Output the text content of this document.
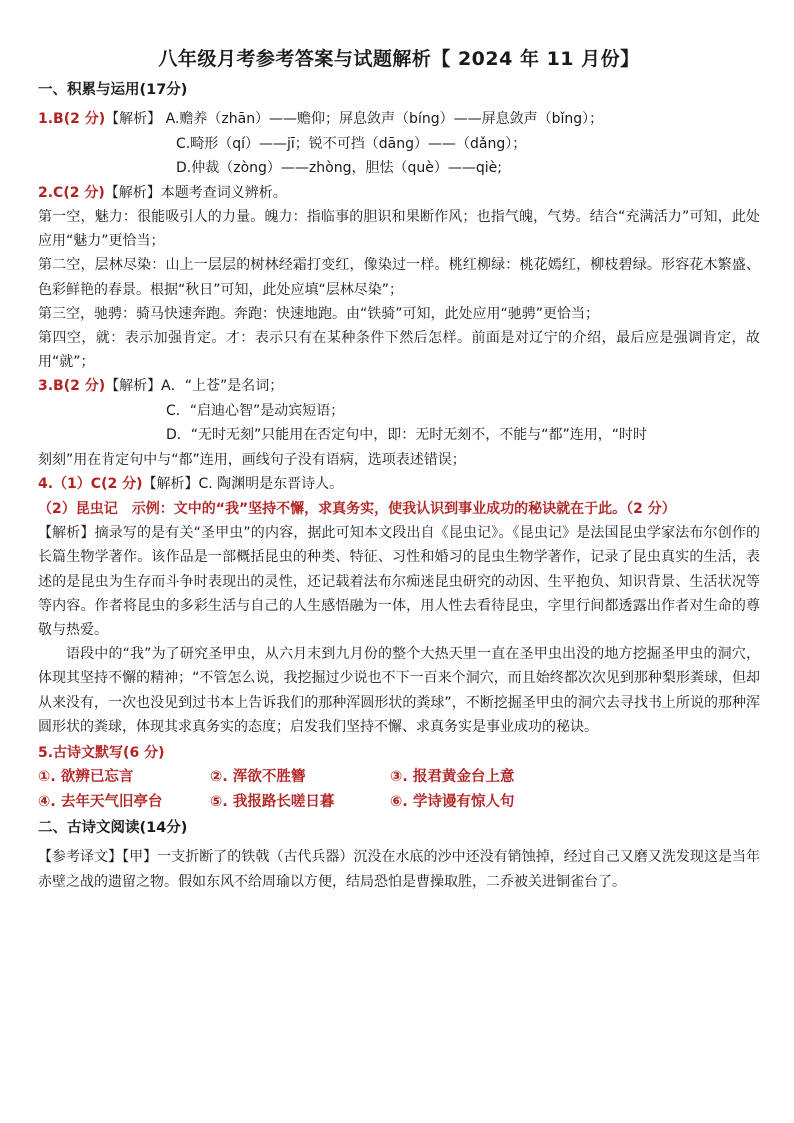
八年级月考参考答案与试题解析【 2024 年 11 月份】

一、积累与运用(17分)

1.B(2 分)【解析】 A.赡养（zhān）——赡仰；屏息敛声（bíng）——屏息敛声（bǐng）；

C.畸形（qí）——jī；锐不可挡（dāng）——（dǎng）；

D.仲裁（zòng）——zhòng，胆怯（què）——qiè;

2.C(2 分)【解析】本题考查词义辨析。

第一空，魅力：很能吸引人的力量。魄力：指临事的胆识和果断作风；也指气魄，气势。结合“充满活力”可知，此处应用“魅力”更恰当；

第二空，层林尽染：山上一层层的树林经霜打变红，像染过一样。桃红柳绿：桃花嫣红，柳枝碧绿。形容花木繁盛、色彩鲜艳的春景。根据“秋日”可知，此处应填“层林尽染”；

第三空，驰骋：骑马快速奔跑。奔跑：快速地跑。由“铁骑”可知，此处应用“驰骋”更恰当；

第四空，就：表示加强肯定。才：表示只有在某种条件下然后怎样。前面是对辽宁的介绍，最后应是强调肯定，故用“就”；

3.B(2 分)【解析】A．“上苍”是名词；

C．“启迪心智”是动宾短语；

D．“无时无刻”只能用在否定句中，即：无时无刻不，不能与“都”连用，“时时

刻刻”用在肯定句中与“都”连用，画线句子没有语病，选项表述错误；

4.（1）C(2 分)【解析】C. 陶渊明是东晋诗人。

（2）昆虫记　示例：文中的“我”坚持不懈，求真务实，使我认识到事业成功的秘诀就在于此。（2 分）

【解析】摘录写的是有关“圣甲虫”的内容，据此可知本文段出自《昆虫记》。《昆虫记》是法国昆虫学家法布尔创作的长篇生物学著作。该作品是一部概括昆虫的种类、特征、习性和婚习的昆虫生物学著作，记录了昆虫真实的生活，表述的是昆虫为生存而斗争时表现出的灵性，还记载着法布尔痴迷昆虫研究的动因、生平抱负、知识背景、生活状况等等内容。作者将昆虫的多彩生活与自己的人生感悟融为一体，用人性去看待昆虫，字里行间都透露出作者对生命的尊敬与热爱。

语段中的“我”为了研究圣甲虫，从六月末到九月份的整个大热天里一直在圣甲虫出没的地方挖掘圣甲虫的洞穴，体现其坚持不懈的精神；“不管怎么说，我挖掘过少说也不下一百来个洞穴，而且始终都次次见到那种梨形粪球，但却从来没有，一次也没见到过书本上告诉我们的那种浑圆形状的粪球”，不断挖掘圣甲虫的洞穴去寻找书上所说的那种浑圆形状的粪球，体现其求真务实的态度；启发我们坚持不懈、求真务实是事业成功的秘诀。

5.古诗文默写(6 分)

①. 欲辨已忘言	②. 浑欲不胜簪	③. 报君黄金台上意
④. 去年天气旧亭台	⑤. 我报路长嗟日暮	⑥. 学诗谩有惊人句

二、古诗文阅读(14分)

【参考译文】【甲】一支折断了的铁戟（古代兵器）沉没在水底的沙中还没有销蚀掉，经过自己又磨又洗发现这是当年赤壁之战的遗留之物。假如东风不给周瑜以方便，结局恐怕是曹操取胜，二乔被关进铜雀台了。
